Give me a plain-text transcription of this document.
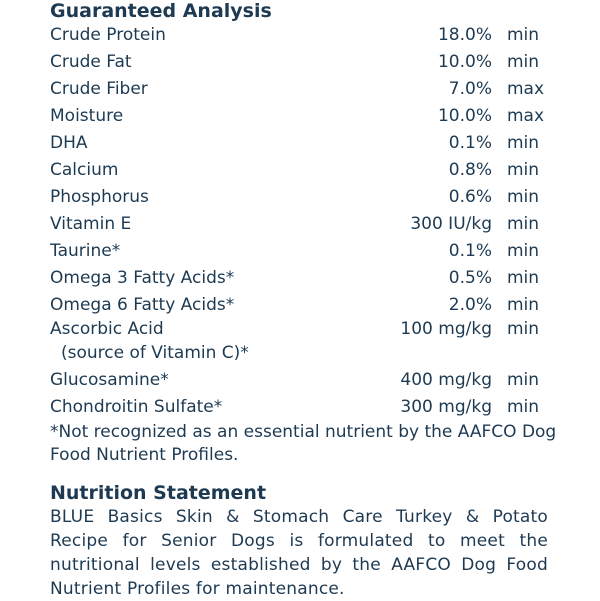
Guaranteed Analysis
Crude Protein	18.0% min
Crude Fat	10.0% min
Crude Fiber	7.0% max
Moisture	10.0% max
DHA	0.1% min
Calcium	0.8% min
Phosphorus	0.6% min
Vitamin E	300 IU/kg min
Taurine*	0.1% min
Omega 3 Fatty Acids*	0.5% min
Omega 6 Fatty Acids*	2.0% min
Ascorbic Acid	100 mg/kg min
(source of Vitamin C)*
Glucosamine*	400 mg/kg min
Chondroitin Sulfate*	300 mg/kg min
*Not recognized as an essential nutrient by the AAFCO Dog Food Nutrient Profiles.
Nutrition Statement
BLUE Basics Skin & Stomach Care Turkey & Potato Recipe for Senior Dogs is formulated to meet the nutritional levels established by the AAFCO Dog Food Nutrient Profiles for maintenance.
